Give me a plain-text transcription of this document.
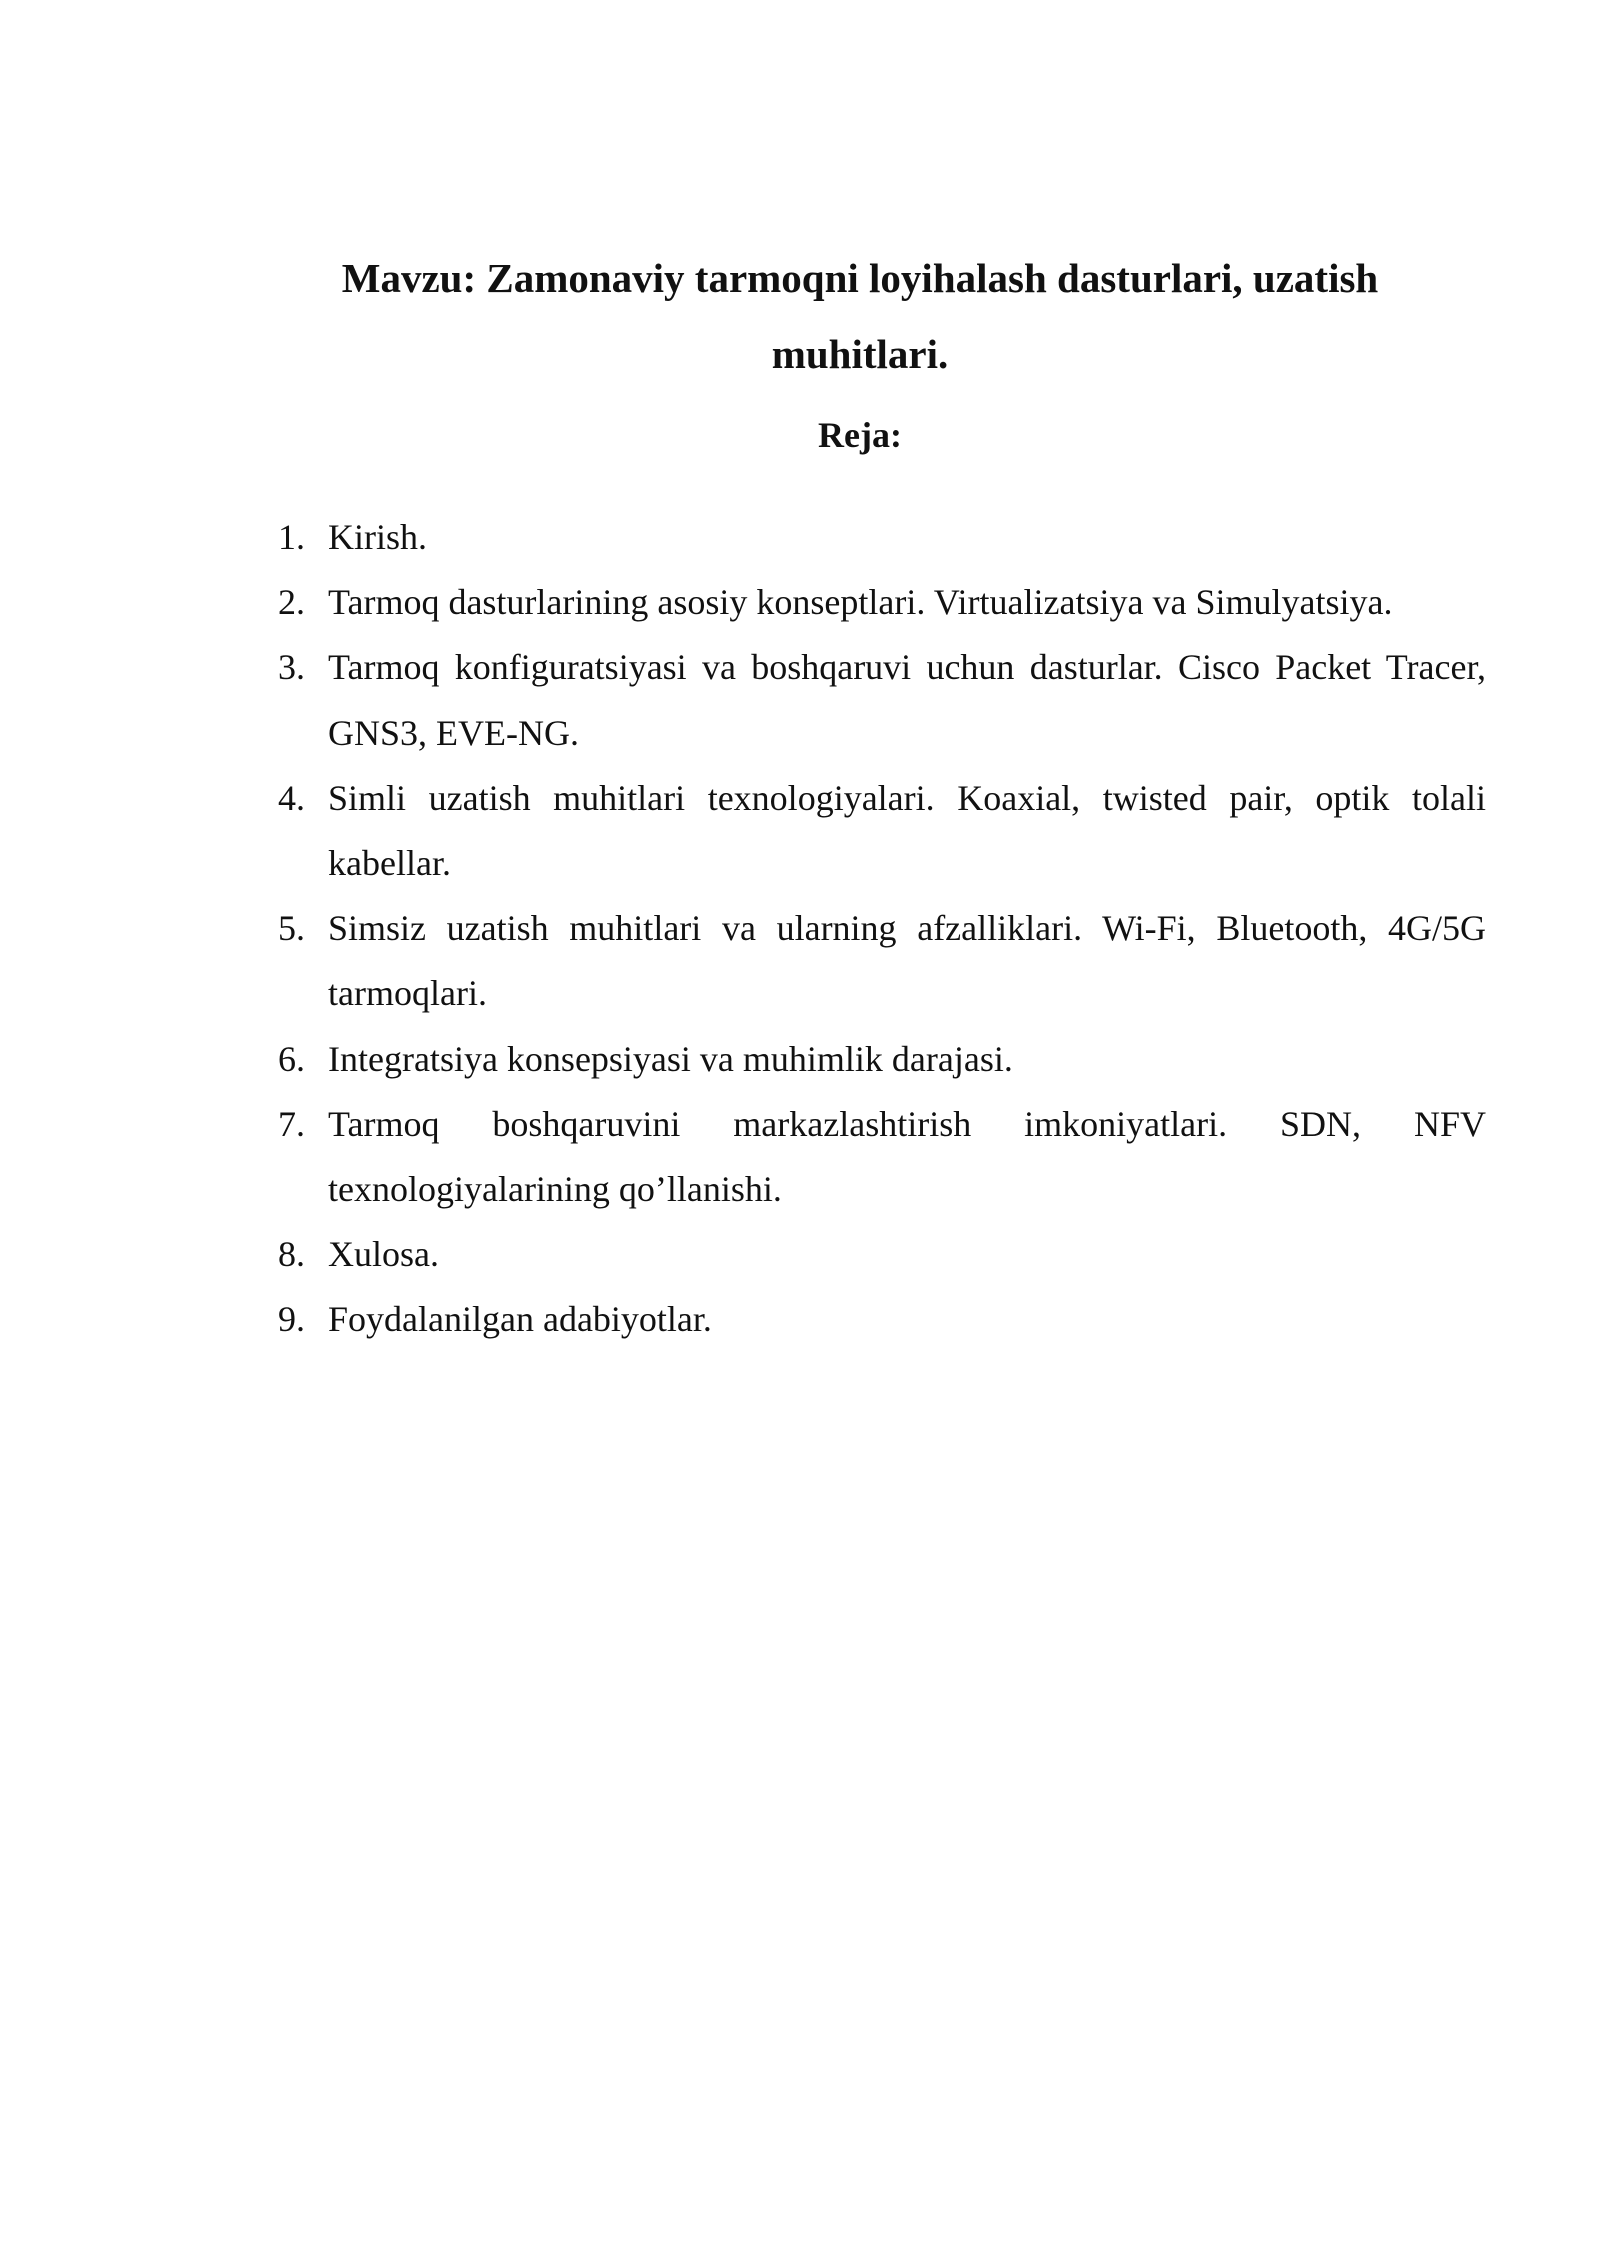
Mavzu: Zamonaviy tarmoqni loyihalash dasturlari, uzatish muhitlari.
Reja:
1. Kirish.
2. Tarmoq dasturlarining asosiy konseptlari. Virtualizatsiya va Simulyatsiya.
3. Tarmoq konfiguratsiyasi va boshqaruvi uchun dasturlar. Cisco Packet Tracer, GNS3, EVE-NG.
4. Simli uzatish muhitlari texnologiyalari. Koaxial, twisted pair, optik tolali kabellar.
5. Simsiz uzatish muhitlari va ularning afzalliklari. Wi-Fi, Bluetooth, 4G/5G tarmoqlari.
6. Integratsiya konsepsiyasi va muhimlik darajasi.
7. Tarmoq boshqaruvini markazlashtirish imkoniyatlari. SDN, NFV texnologiyalarining qo’llanishi.
8. Xulosa.
9. Foydalanilgan adabiyotlar.
